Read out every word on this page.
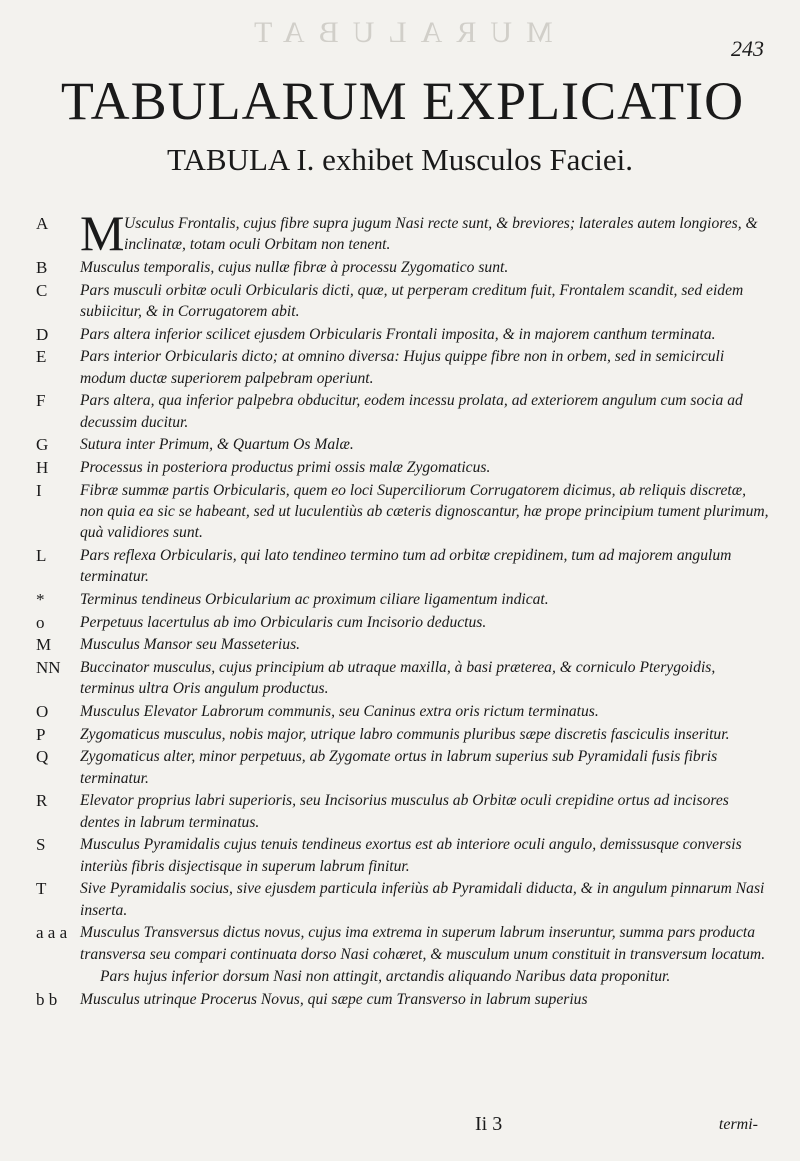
MURALUBAT	243
TABULARUM EXPLICATIO
TABULA I. exhibet Musculos Faciei.
A M Usculus Frontalis, cujus fibre supra jugum Nasi recte sunt, & breviores; laterales autem longiores, & inclinatæ, totam oculi Orbitam non tenent.
B Musculus temporalis, cujus nullæ fibræ à processu Zygomatico sunt.
C Pars musculi orbitæ oculi Orbicularis dicti, quæ, ut perperam creditum fuit, Frontalem scandit, sed eidem subiicitur, & in Corrugatorem abit.
D Pars altera inferior scilicet ejusdem Orbicularis Frontali imposita, & in majorem canthum terminata.
E Pars interior Orbicularis dicto; at omnino diversa: Hujus quippe fibre non in orbem, sed in semicirculi modum ductæ superiorem palpebram operiunt.
F Pars altera, qua inferior palpebra obducitur, eodem incessu prolata, ad exteriorem angulum cum socia ad decussim ducitur.
G Sutura inter Primum, & Quartum Os Malæ.
H Processus in posteriora productus primi ossis malæ Zygomaticus.
I Fibræ summæ partis Orbicularis, quem eo loci Superciliorum Corrugatorem dicimus, ab reliquis discretæ, non quia ea sic se habeant, sed ut luculentiùs ab cæteris dignoscantur, hæ prope principium tument plurimum, quà validiores sunt.
L Pars reflexa Orbicularis, qui lato tendineo termino tum ad orbitæ crepidinem, tum ad majorem angulum terminatur.
* Terminus tendineus Orbicularium ac proximum ciliare ligamentum indicat.
o Perpetuus lacertulus ab imo Orbicularis cum Incisorio deductus.
M Musculus Mansor seu Masseterius.
NN Buccinator musculus, cujus principium ab utraque maxilla, à basi præterea, & corniculo Pterygoidis, terminus ultra Oris angulum productus.
O Musculus Elevator Labrorum communis, seu Caninus extra oris rictum terminatus.
P Zygomaticus musculus, nobis major, utrique labro communis pluribus sæpe discretis fasciculis inseritur.
Q Zygomaticus alter, minor perpetuus, ab Zygomate ortus in labrum superius sub Pyramidali fusis fibris terminatur.
R Elevator proprius labri superioris, seu Incisorius musculus ab Orbitæ oculi crepidine ortus ad incisores dentes in labrum terminatus.
S Musculus Pyramidalis cujus tenuis tendineus exortus est ab interiore oculi angulo, demissusque conversis interiùs fibris disjectisque in superum labrum finitur.
T Sive Pyramidalis socius, sive ejusdem particula inferiùs ab Pyramidali diducta, & in angulum pinnarum Nasi inserta.
a a a Musculus Transversus dictus novus, cujus ima extrema in superum labrum inseruntur, summa pars producta transversa seu compari continuata dorso Nasi cohæret, & musculum unum constituit in transversum locatum.
Pars hujus inferior dorsum Nasi non attingit, arctandis aliquando Naribus data proponitur.
b b Musculus utrinque Procerus Novus, qui sæpe cum Transverso in labrum superius
Ii 3	termi-
